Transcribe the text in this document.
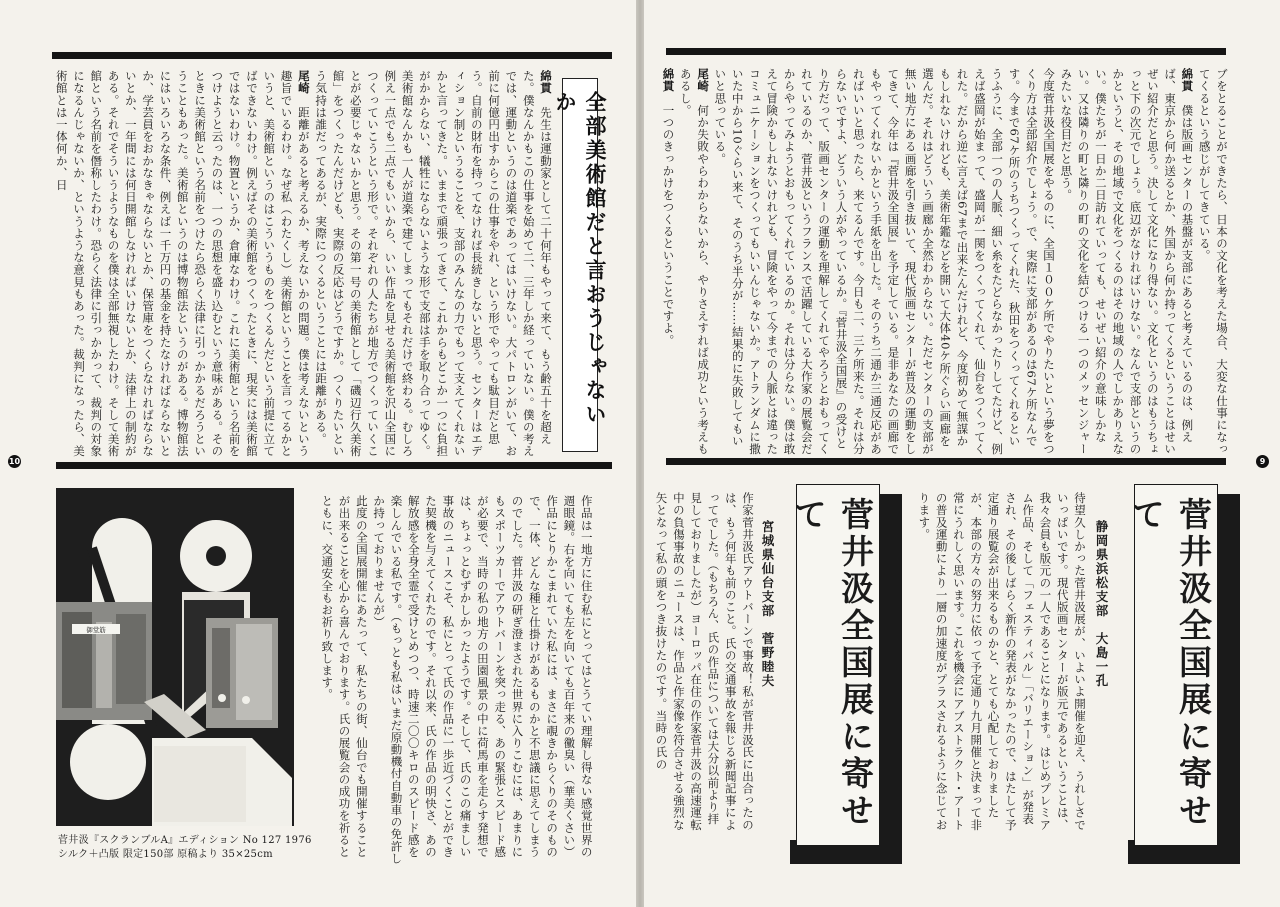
全部美術館だと言おうじゃないか

綿貫　先生は運動家として二十何年もやって来て、もう齢五十を超えた。僕なんかもこの仕事を始めて二、三年しか経っていない。僕の考えでは、運動というのは道楽であってはいけない。大パトロンがいて、お前に何億円出すからこの仕事をやれ、という形でやっても駄目だと思う。自前の財布を持ってなければ長続きしないと思う。センターはエディション制というることを、支部のみんなの力でもって支えてくれないかと言ってきた。いままで頑張ってきて、これからもどこか一つに負担がかからない、犠牲にならないような形で支部は手を取り合ってゆく。美術館なんかも一人が道楽で建てしまってもそれだけで終わる。むしろ例え一点でも二点でもいいから、いい作品を見せる美術館を沢山全国につくっていこうという形で。それぞれの人たちが地方でつくっていくことが必要じゃないかと思う。その第一号の美術館として「磯辺行久美術館」をつくったんだけども、実際の反応はどうですか。つくりたいという気持は誰だってあるが、実際につくるということには距離がある。

尾崎　距離があると考えるか、考えないかの問題。僕は考えないという趣旨でいるわけ。なぜ私（わたくし）美術館ということを言ってるかというと、美術館というのはこういうものをつくるんだという前提に立てばできないわけ。例えばその美術館をつくったときに、現実には美術館ではないわけ。物置というか、倉庫なわけ。これに美術館という名前をつけようと云ったのは、一つの思想を盛り込むという意味がある。そのときに美術館という名前をつけたら恐らく法律に引っかかるだろうということもあった。美術館というのは博物館法というのがある。博物館法にはいろいろな条件、例えば一千万円の基金を持たなければならないとか、学芸員をおかなきゃならないとか、保管庫をつくらなければならないとか、一年間には何日開館しなければいけないとか、法律上の制約がある。それでそういうようなものを僕は全部無視したわけ。そして美術館という名前を僭称したわけ。恐らく法律に引っかかって、裁判の対象になるんじゃないか、というような意見もあった。裁判になったら、美術館とは一体何か、日

10

作品は一地方に住む私にとってはとうてい理解し得ない感覚世界の週眼鏡。右を向いても左を向いても百年来の黴臭い（華美くさい）作品にとりかこまれていた私には、まさに覗きからくりのそのもので、一体、どんな種と仕掛けがあるものかと不思議に思えてしまうのでした。菅井汲の研ぎ澄まされた世界に入りこむには、あまりにもスポーツカーでアウトバーンを突っ走る、あの緊張とスピード感が必要で、当時の私の地方の田園風景の中に荷馬車を走らす発想では、ちょっとむずかしかったようです。そして、氏のこの痛ましい事故のニュースこそ、私にとって氏の作品に一歩近づくことができた契機を与えてくれたのです。それ以来、氏の作品の明快さ、あの解放感を全身全霊で受けとめつつ、時速二〇〇キロのスピード感を楽しんでいる私です。（もっとも私はいまだ原動機付自動車の免許しか持っておりませんが）
此度の全国展開催にあたって、私たちの街、仙台でも開催することが出来ることを心から喜んでおります。氏の展覧会の成功を祈るとともに、交通安全もお祈り致します。

御堂筋
菅井汲『スクランブルA』エディション No 127 1976
シルク＋凸版 限定150部 原稿より 35×25cm

ブをとることができたら、日本の文化を考えた場合、大変な仕事になってくるという感じがしてきている。

綿貫　僕は版画センターの基盤が支部にあると考えているのは、例えば、東京から何か送るとか、外国から何か持ってくるということはせいぜい紹介だと思う。決して文化になり得ない。文化というのはもうちょっと下の次元でしょう。底辺がなければいけない。なんで支部というのかというと、その地域で文化をつくるのはその地域の人でしかありえない。僕たちが一日か二日訪れていっても、せいぜい紹介の意味しかない。又は隣りの町と隣りの町の文化を結びつける一つのメッセンジャーみたいな役目だと思う。
今度菅井汲全国展をやるのに、全国１００ケ所でやりたいという夢をつくり方は全部紹介でしょう。で、実際に支部があるのは67ケ所なんです。今まで67ケ所のうちつくってくれた、秋田をつくってくれるというふうに、全部一つの人脈、細い糸をたどらなかったりしてたけど、例えば盛岡が始まって、盛岡が一関をつくってくれて、仙台をつくってくれた。だから逆に言えば67まで出来たんだけれど、今度初めて無謀かもしれないけれども、美術年鑑などを開いて大体40ケ所ぐらい画廊を選んだ。それはどういう画廊か全然わからない。ただセンターの支部が無い地方にある画廊を引き抜いて、現代版画センターが普及の運動をしてきて、今年は『菅井汲全国展』を予定している。是非あなたの画廊でもやってくれないかという手紙を出した。そのうち二通か三通反応があればいいと思ったら、来てるんです。今日も二、三ケ所来た。それは分らないですよ、どういう人がやっているか。『菅井汲全国展』の受けとり方だって、版画センターの運動を理解してくれてやろうとおもってくれているのか、菅井汲というフランスで活躍している大作家の展覧会だからやってみようとおもってくれているのか。それは分らない。僕は敢えて冒険かもしれないけれども、冒険をやって今までの人脈とは違ったコミュニケーションをつくってもいいんじゃないか。アトランダムに撒いた中から10ぐらい来て、そのうち半分が……結果的に失敗してもいいと思っている。

尾崎　何か失敗やらわからないから、やりさえすれば成功という考えもあるし。

綿貫　一つのきっかけをつくるということですよ。

9
菅井汲全国展に寄せて
静岡県浜松支部　大島一孔

待望久しかった菅井汲展が、いよいよ開催を迎え、うれしさでいっぱいです。現代版画センターが版元であるということは、我々会員も版元の一人であることになります。はじめプレミアム作品、そして「フェスティバル」「バリエーション」が発表され、その後しばらく新作の発表がなかったので、はたして予定通り展覧会が出来るものかと、とても心配しておりましたが、本部の方々の努力に依って予定通り九月開催と決まって非常にうれしく思います。これを機会にアブストラクト・アートの普及運動により一層の加速度がプラスされるように念じております。

菅井汲全国展に寄せて
宮城県仙台支部　菅野睦夫

作家菅井汲氏アウトバーンで事故！私が菅井汲氏に出合ったのは、もう何年も前のこと。氏の交通事故を報じる新聞記事によってでした。（もちろん、氏の作品については大分以前より拝見しておりましたが）ヨーロッパ在住の作家菅井汲の高速運転中の負傷事故のニュースは、作品と作家像を符合させる強烈な矢となって私の頭をつき抜けたのです。当時の氏の
